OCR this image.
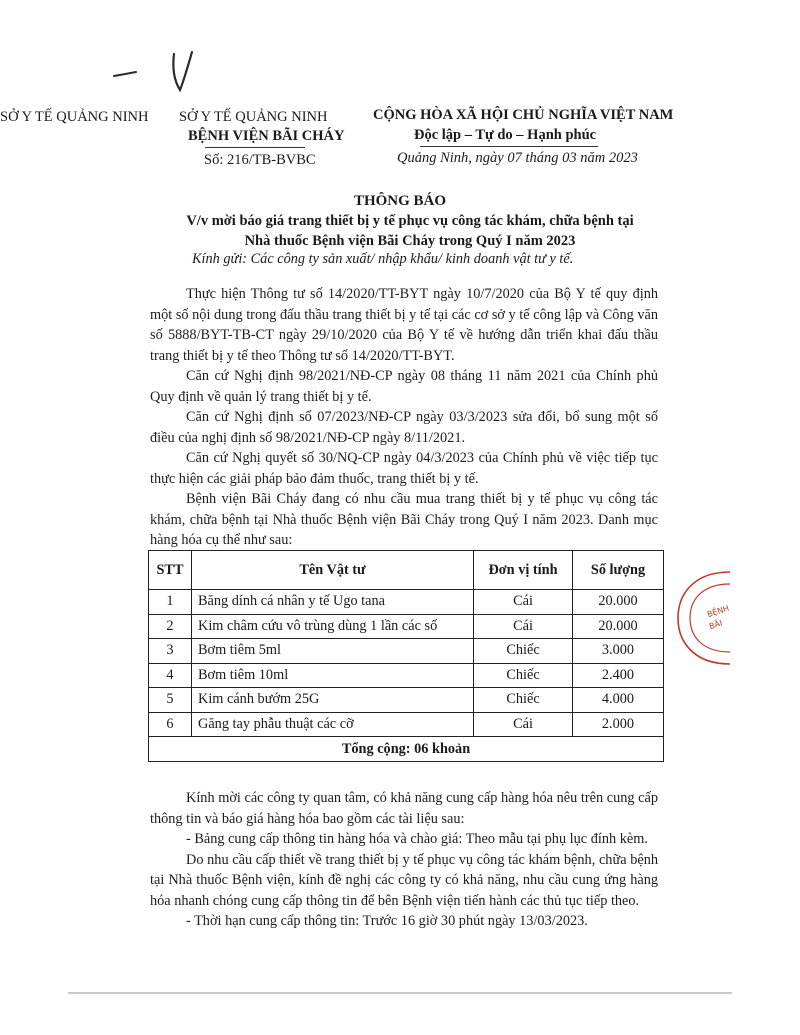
SỞ Y TẾ QUẢNG NINH SỞ Y TẾ QUẢNG NINH
BỆNH VIỆN BÃI CHÁY
Số: 216/TB-BVBC
CỘNG HÒA XÃ HỘI CHỦ NGHĨA VIỆT NAM
Độc lập – Tự do – Hạnh phúc
Quảng Ninh, ngày 07 tháng 03 năm 2023
THÔNG BÁO
V/v mời báo giá trang thiết bị y tế phục vụ công tác khám, chữa bệnh tại
Nhà thuốc Bệnh viện Bãi Cháy trong Quý I năm 2023
Kính gửi: Các công ty sản xuất/ nhập khẩu/ kinh doanh vật tư y tế.

Thực hiện Thông tư số 14/2020/TT-BYT ngày 10/7/2020 của Bộ Y tế quy định một số nội dung trong đấu thầu trang thiết bị y tế tại các cơ sở y tế công lập và Công văn số 5888/BYT-TB-CT ngày 29/10/2020 của Bộ Y tế về hướng dẫn triển khai đấu thầu trang thiết bị y tế theo Thông tư số 14/2020/TT-BYT.

Căn cứ Nghị định 98/2021/NĐ-CP ngày 08 tháng 11 năm 2021 của Chính phủ Quy định về quản lý trang thiết bị y tế.

Căn cứ Nghị định số 07/2023/NĐ-CP ngày 03/3/2023 sửa đổi, bổ sung một số điều của nghị định số 98/2021/NĐ-CP ngày 8/11/2021.

Căn cứ Nghị quyết số 30/NQ-CP ngày 04/3/2023 của Chính phủ về việc tiếp tục thực hiện các giải pháp bảo đảm thuốc, trang thiết bị y tế.

Bệnh viện Bãi Cháy đang có nhu cầu mua trang thiết bị y tế phục vụ công tác khám, chữa bệnh tại Nhà thuốc Bệnh viện Bãi Cháy trong Quý I năm 2023. Danh mục hàng hóa cụ thể như sau:

STT	Tên Vật tư	Đơn vị tính	Số lượng
1	Băng dính cá nhân y tế Ugo tana	Cái	20.000
2	Kim châm cứu vô trùng dùng 1 lần các số	Cái	20.000
3	Bơm tiêm 5ml	Chiếc	3.000
4	Bơm tiêm 10ml	Chiếc	2.400
5	Kim cánh bướm 25G	Chiếc	4.000
6	Găng tay phẫu thuật các cỡ	Cái	2.000
Tổng cộng: 06 khoản			
BỆNH
BÃI

Kính mời các công ty quan tâm, có khả năng cung cấp hàng hóa nêu trên cung cấp thông tin và báo giá hàng hóa bao gồm các tài liệu sau:

- Bảng cung cấp thông tin hàng hóa và chào giá: Theo mẫu tại phụ lục đính kèm.

Do nhu cầu cấp thiết về trang thiết bị y tế phục vụ công tác khám bệnh, chữa bệnh tại Nhà thuốc Bệnh viện, kính đề nghị các công ty có khả năng, nhu cầu cung ứng hàng hóa nhanh chóng cung cấp thông tin để bên Bệnh viện tiến hành các thủ tục tiếp theo.

- Thời hạn cung cấp thông tin: Trước 16 giờ 30 phút ngày 13/03/2023.
